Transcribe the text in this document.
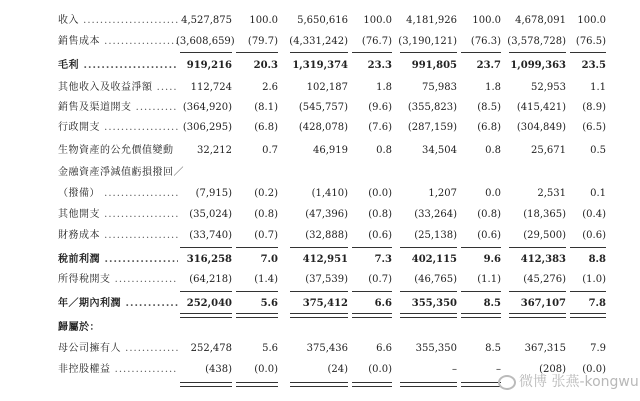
收入 .....	4,527,875	100.0	5,650,616	100.0	4,181,926	100.0	4,678,091	100.0
銷售成本 .....	(3,608,659)	(79.7)	(4,331,242)	(76.7) (3,190,121)	(76.3) (3,578,728) (76.5)
毛利 .....	919,216	20.3	1,319,374	23.3	991,805	23.7 1,099,363	23.5
其他收入及收益淨額 .....	112,724	2.6	102,187	1.8	75,983	1.8	52,953	1.1
銷售及渠道開支 .....	(364,920)	(8.1)	(545,757)	(9.6)	(355,823)	(8.5)	(415,421)	(8.9)
行政開支 .....	(306,295)	(6.8)	(428,078)	(7.6)	(287,159)	(6.8)	(304,849)	(6.5)
生物資產的公允價值變動 .....	32,212	0.7	46,919	0.8	34,504	0.8	25,671	0.5
金融資產淨減值虧損撥回／
（撥備） .....	(7,915)	(0.2)	(1,410)	(0.0)	1,207	0.0	2,531	0.1
其他開支 .....	(35,024)	(0.8)	(47,396)	(0.8)	(33,264)	(0.8)	(18,365)	(0.4)
財務成本 .....	(33,740)	(0.7)	(32,888)	(0.6)	(25,138)	(0.6)	(29,500)	(0.6)
稅前利潤 .....	316,258	7.0	412,951	7.3	402,115	9.6	412,383	8.8
所得稅開支 .....	(64,218)	(1.4)	(37,539)	(0.7)	(46,765)	(1.1)	(45,276)	(1.0)
年／期內利潤 .....	252,040	5.6	375,412	6.6	355,350	8.5	367,107	7.8
歸屬於：
母公司擁有人 .....	252,478	5.6	375,436	6.6	355,350	8.5	367,315	7.9
非控股權益 .....	(438)	(0.0)	(24)	(0.0)	–	–	(208)	(0.0)
微博 张燕-kongwu
